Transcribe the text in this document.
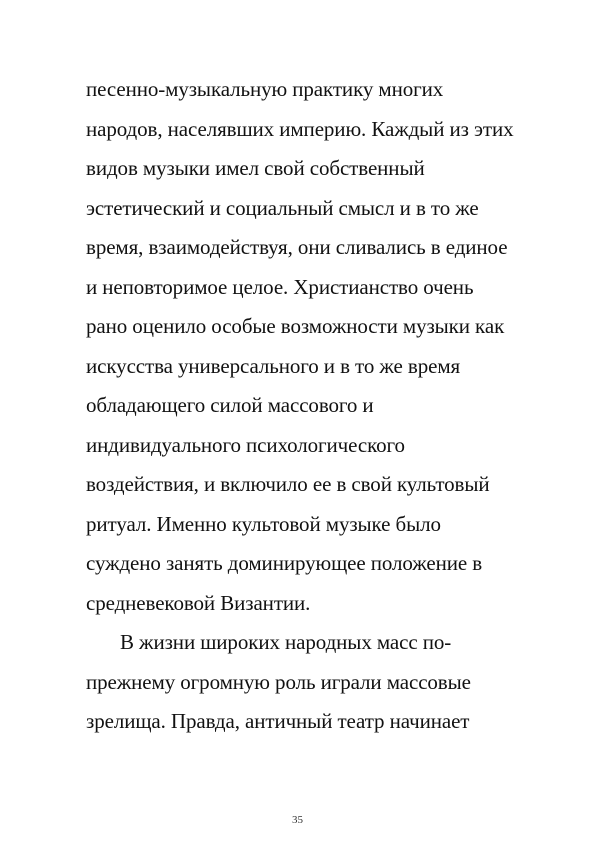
песенно-музыкальную практику многих
народов, населявших империю. Каждый из этих
видов музыки имел свой собственный
эстетический и социальный смысл и в то же
время, взаимодействуя, они сливались в единое
и неповторимое целое. Христианство очень
рано оценило особые возможности музыки как
искусства универсального и в то же время
обладающего силой массового и
индивидуального психологического
воздействия, и включило ее в свой культовый
ритуал. Именно культовой музыке было
суждено занять доминирующее положение в
средневековой Византии.
В жизни широких народных масс по-
прежнему огромную роль играли массовые
зрелища. Правда, античный театр начинает
35
